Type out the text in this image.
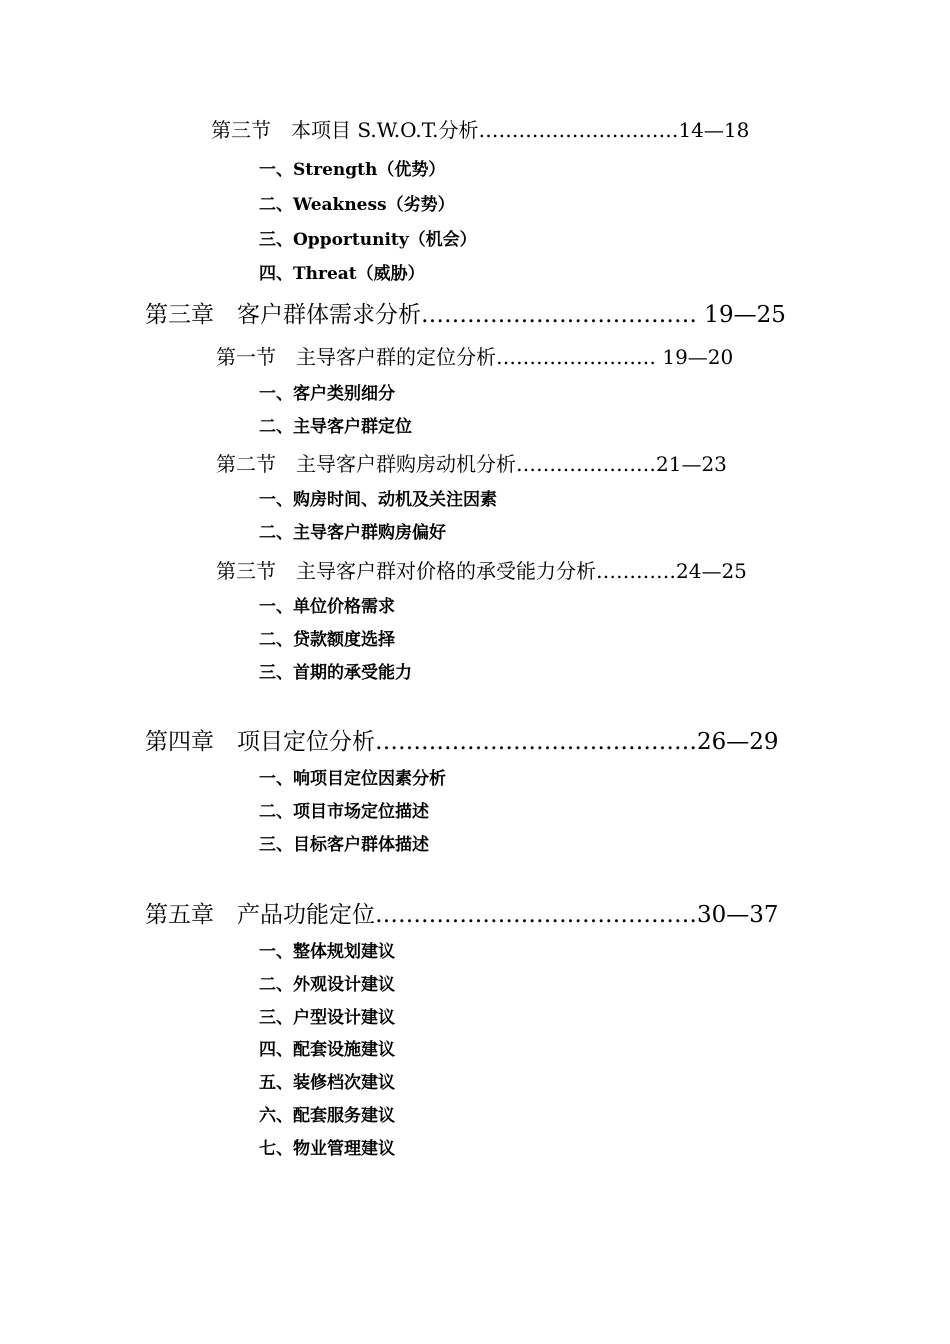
第三节　本项目 S.W.O.T.分析…………………………14—18
一、Strength（优势）
二、Weakness（劣势）
三、Opportunity（机会）
四、Threat（威胁）
第三章　客户群体需求分析……………………………… 19—25
第一节　主导客户群的定位分析…………………… 19—20
一、客户类别细分
二、主导客户群定位
第二节　主导客户群购房动机分析…………………21—23
一、购房时间、动机及关注因素
二、主导客户群购房偏好
第三节　主导客户群对价格的承受能力分析…………24—25
一、单位价格需求
二、贷款额度选择
三、首期的承受能力
第四章　项目定位分析……………………………………26—29
一、响项目定位因素分析
二、项目市场定位描述
三、目标客户群体描述
第五章　产品功能定位……………………………………30—37
一、整体规划建议
二、外观设计建议
三、户型设计建议
四、配套设施建议
五、装修档次建议
六、配套服务建议
七、物业管理建议
